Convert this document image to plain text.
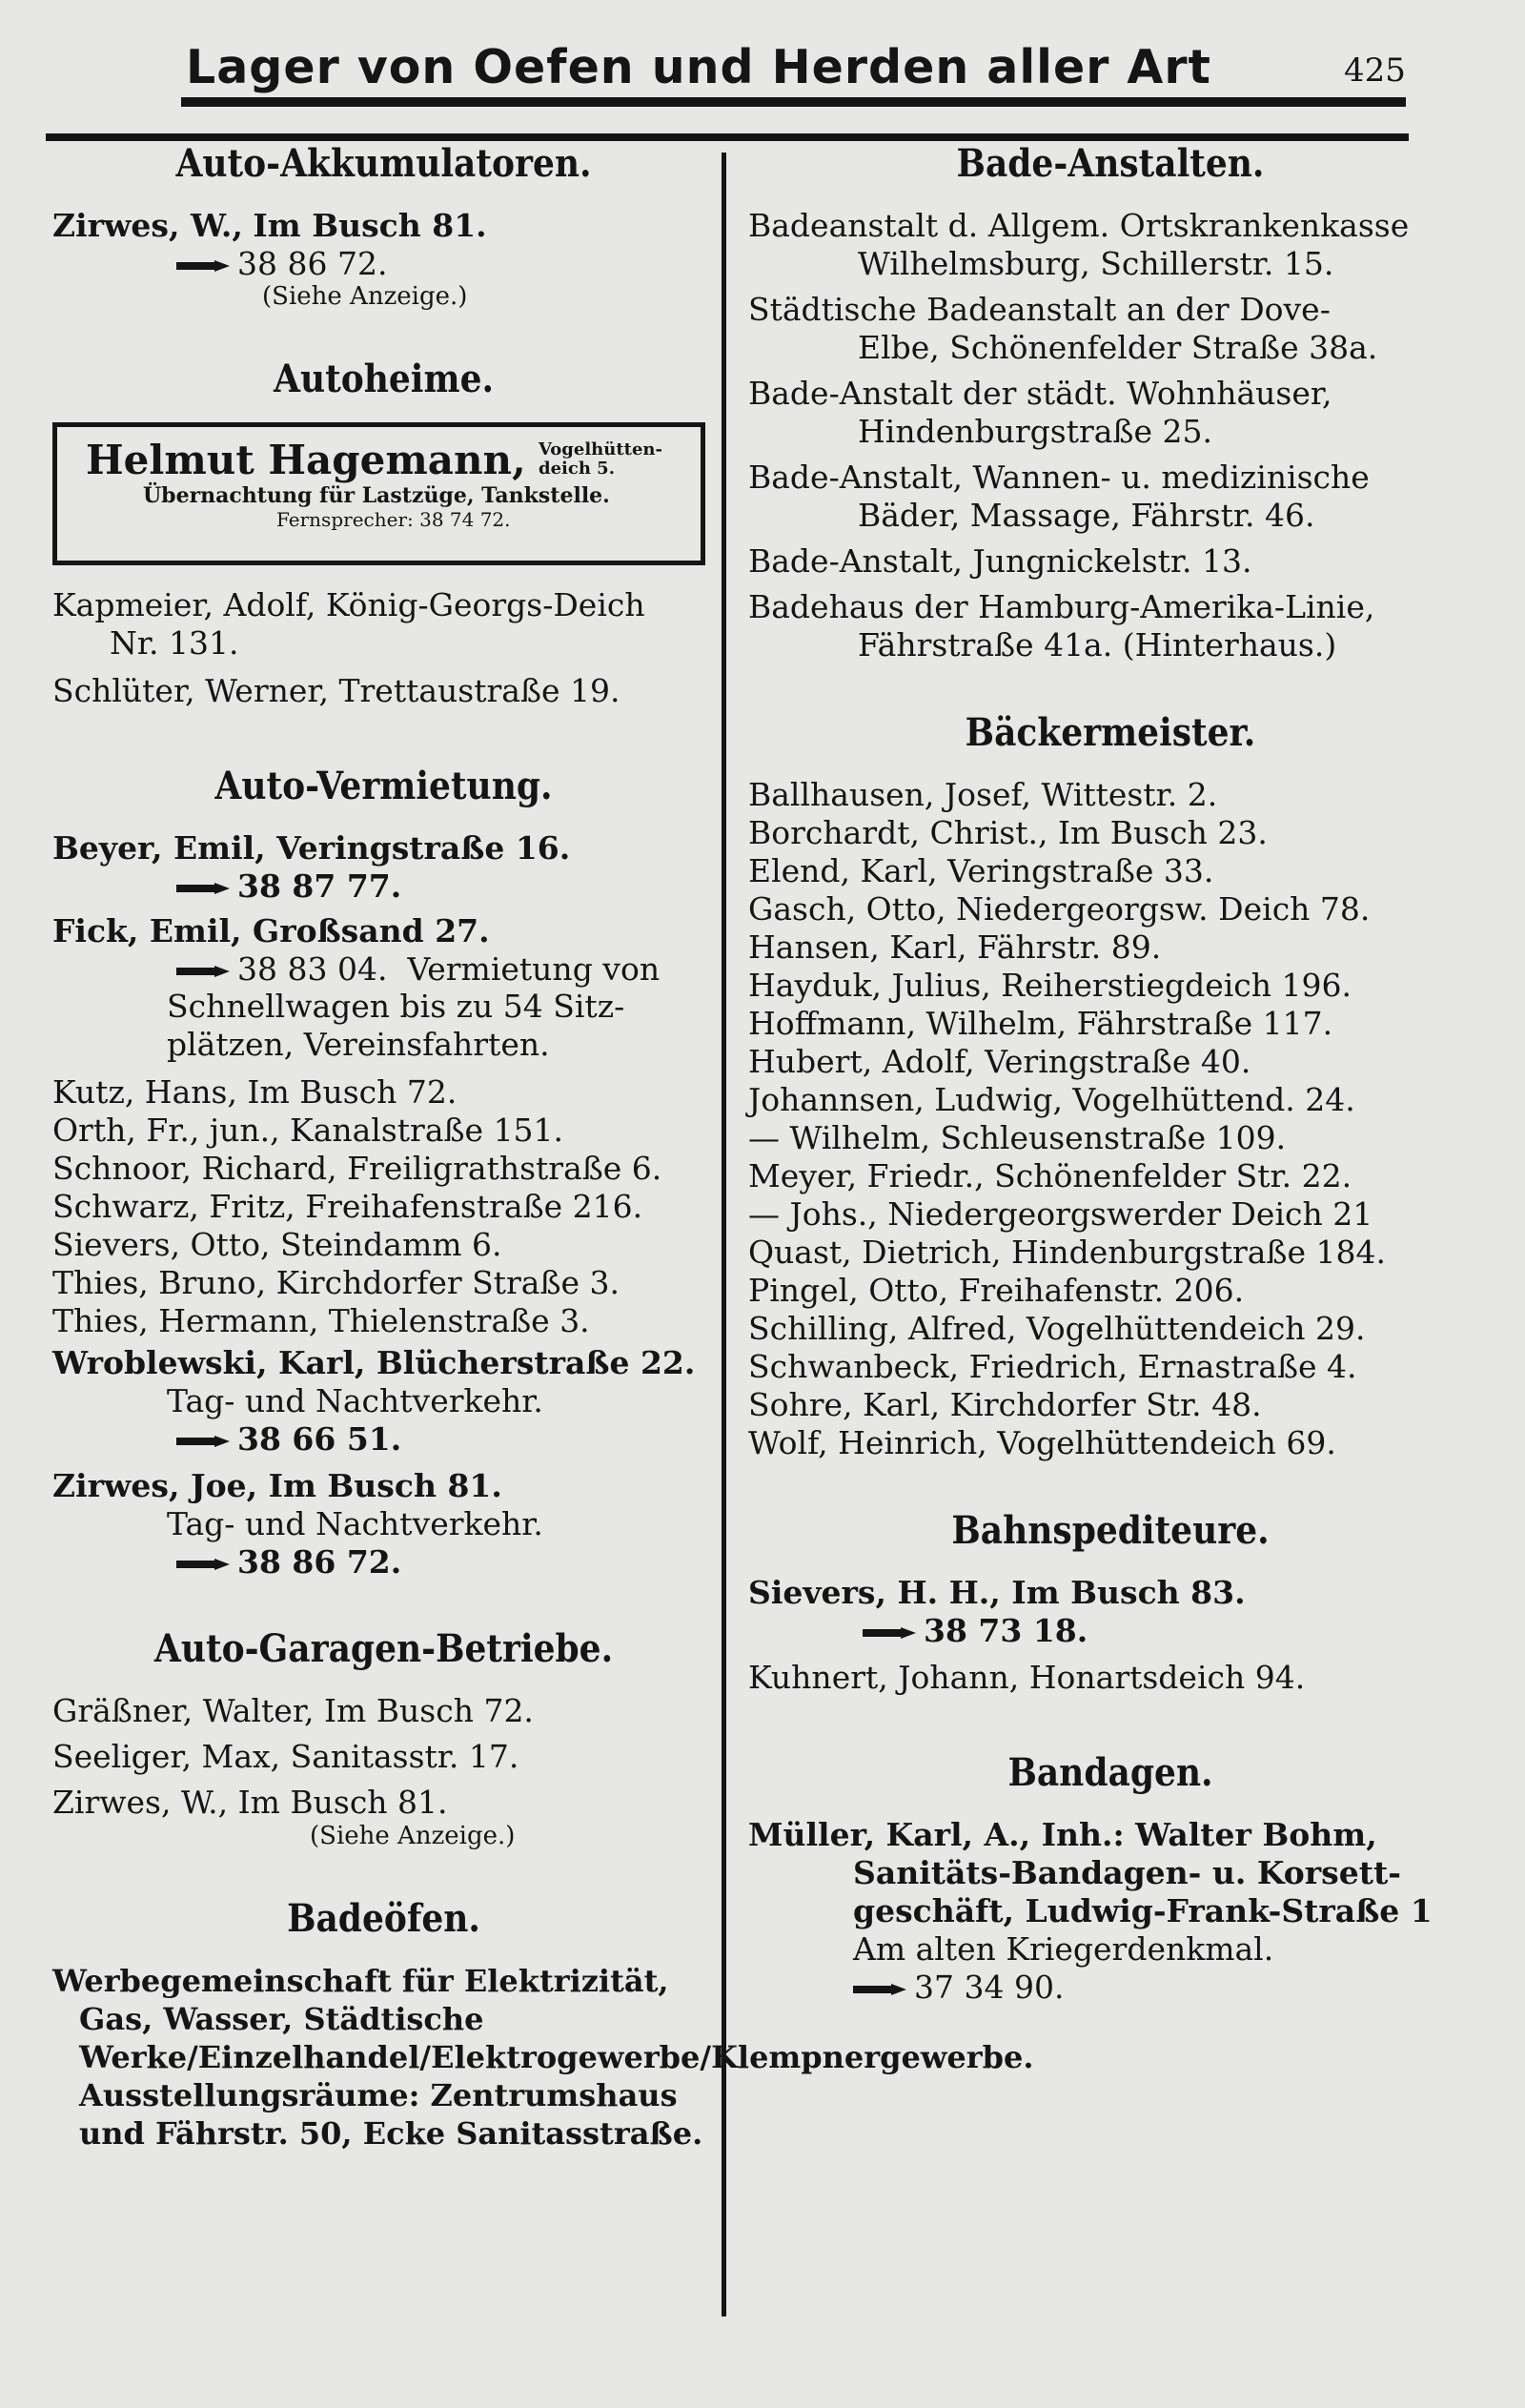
Lager von Oefen und Herden aller Art	425
Auto-Akkumulatoren.
Zirwes, W., Im Busch 81.
38 86 72.
(Siehe Anzeige.)
Autoheime.
Helmut Hagemann, Vogelhütten-
deich 5.
Übernachtung für Lastzüge, Tankstelle.
Fernsprecher: 38 74 72.
Kapmeier, Adolf, König-Georgs-Deich
Nr. 131.
Schlüter, Werner, Trettaustraße 19.
Auto-Vermietung.
Beyer, Emil, Veringstraße 16.
38 87 77.
Fick, Emil, Großsand 27.
38 83 04. Vermietung von
Schnellwagen bis zu 54 Sitz-
plätzen, Vereinsfahrten.
Kutz, Hans, Im Busch 72.
Orth, Fr., jun., Kanalstraße 151.
Schnoor, Richard, Freiligrathstraße 6.
Schwarz, Fritz, Freihafenstraße 216.
Sievers, Otto, Steindamm 6.
Thies, Bruno, Kirchdorfer Straße 3.
Thies, Hermann, Thielenstraße 3.
Wroblewski, Karl, Blücherstraße 22.
Tag- und Nachtverkehr.
38 66 51.
Zirwes, Joe, Im Busch 81.
Tag- und Nachtverkehr.
38 86 72.
Auto-Garagen-Betriebe.
Gräßner, Walter, Im Busch 72.
Seeliger, Max, Sanitasstr. 17.
Zirwes, W., Im Busch 81.
(Siehe Anzeige.)
Badeöfen.
Werbegemeinschaft für Elektrizität, Gas, Wasser, Städtische Werke/Einzelhandel/Elektrogewerbe/Klempnergewerbe. Ausstellungsräume: Zentrumshaus und Fährstr. 50, Ecke Sanitasstraße.
Bade-Anstalten.
Badeanstalt d. Allgem. Ortskrankenkasse
Wilhelmsburg, Schillerstr. 15.
Städtische Badeanstalt an der Dove-
Elbe, Schönenfelder Straße 38a.
Bade-Anstalt der städt. Wohnhäuser,
Hindenburgstraße 25.
Bade-Anstalt, Wannen- u. medizinische
Bäder, Massage, Fährstr. 46.
Bade-Anstalt, Jungnickelstr. 13.
Badehaus der Hamburg-Amerika-Linie,
Fährstraße 41a. (Hinterhaus.)
Bäckermeister.
Ballhausen, Josef, Wittestr. 2.
Borchardt, Christ., Im Busch 23.
Elend, Karl, Veringstraße 33.
Gasch, Otto, Niedergeorgsw. Deich 78.
Hansen, Karl, Fährstr. 89.
Hayduk, Julius, Reiherstiegdeich 196.
Hoffmann, Wilhelm, Fährstraße 117.
Hubert, Adolf, Veringstraße 40.
Johannsen, Ludwig, Vogelhüttend. 24.
— Wilhelm, Schleusenstraße 109.
Meyer, Friedr., Schönenfelder Str. 22.
— Johs., Niedergeorgswerder Deich 21
Quast, Dietrich, Hindenburgstraße 184.
Pingel, Otto, Freihafenstr. 206.
Schilling, Alfred, Vogelhüttendeich 29.
Schwanbeck, Friedrich, Ernastraße 4.
Sohre, Karl, Kirchdorfer Str. 48.
Wolf, Heinrich, Vogelhüttendeich 69.
Bahnspediteure.
Sievers, H. H., Im Busch 83.
38 73 18.
Kuhnert, Johann, Honartsdeich 94.
Bandagen.
Müller, Karl, A., Inh.: Walter Bohm,
Sanitäts-Bandagen- u. Korsett-
geschäft, Ludwig-Frank-Straße 1
Am alten Kriegerdenkmal.
37 34 90.
